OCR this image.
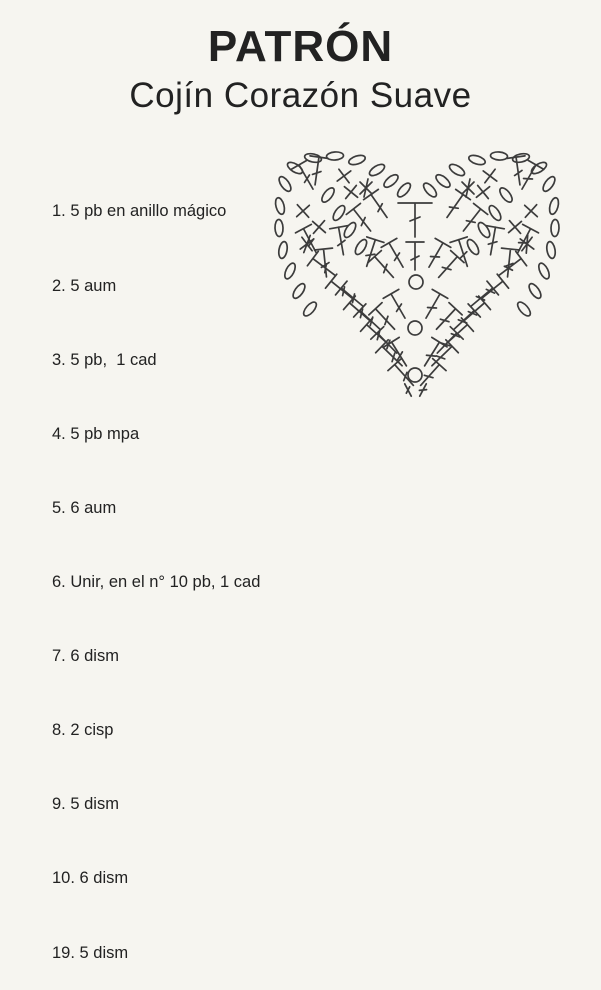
PATRÓN
Cojín Corazón Suave

1. 5 pb en anillo mágico

2. 5 aum

3. 5 pb,  1 cad

4. 5 pb mpa

5. 6 aum

6. Unir, en el n° 10 pb, 1 cad

7. 6 dism

8. 2 cisp

9. 5 dism

10. 6 dism

19. 5 dism
